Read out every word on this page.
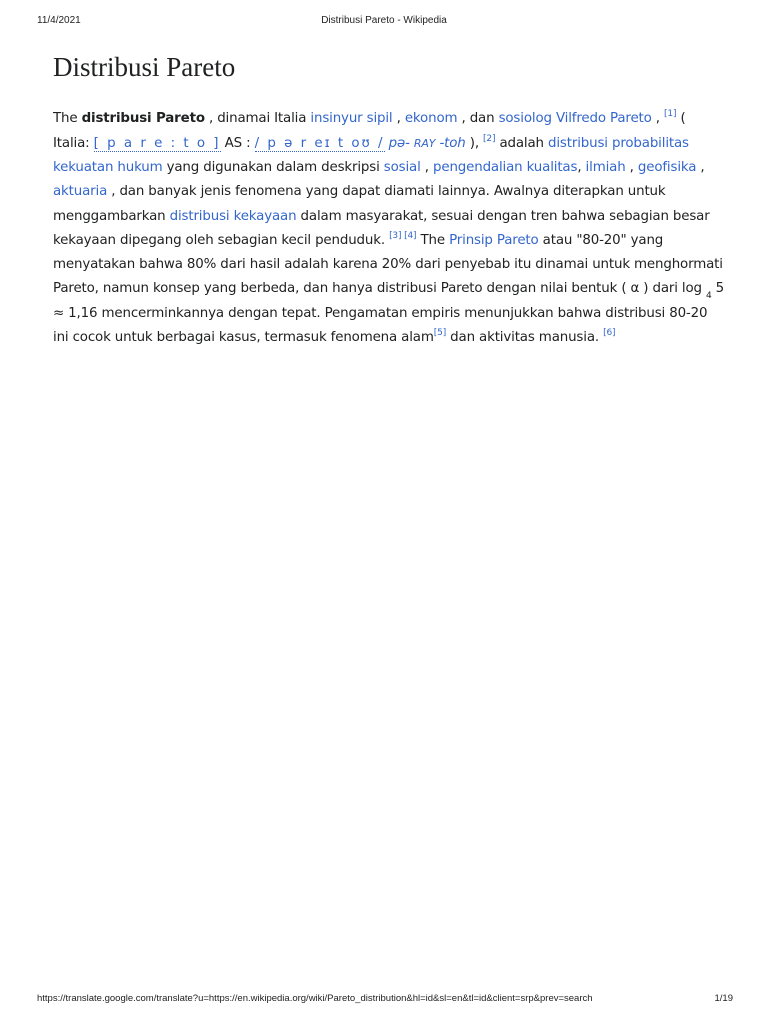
11/4/2021	Distribusi Pareto - Wikipedia
Distribusi Pareto

The distribusi Pareto , dinamai Italia insinyur sipil , ekonom , dan sosiolog Vilfredo Pareto , [1] ( Italia: [ p a r e : t o ] AS : / p ə r eɪ t oʊ / pə- RAY -toh ), [2] adalah distribusi probabilitas kekuatan hukum yang digunakan dalam deskripsi sosial , pengendalian kualitas, ilmiah , geofisika , aktuaria , dan banyak jenis fenomena yang dapat diamati lainnya. Awalnya diterapkan untuk menggambarkan distribusi kekayaan dalam masyarakat, sesuai dengan tren bahwa sebagian besar kekayaan dipegang oleh sebagian kecil penduduk. [3] [4] The Prinsip Pareto atau "80-20" yang menyatakan bahwa 80% dari hasil adalah karena 20% dari penyebab itu dinamai untuk menghormati Pareto, namun konsep yang berbeda, dan hanya distribusi Pareto dengan nilai bentuk ( α ) dari log $_4$ 5 ≈ 1,16 mencerminkannya dengan tepat. Pengamatan empiris menunjukkan bahwa distribusi 80-20 ini cocok untuk berbagai kasus, termasuk fenomena alam[5] dan aktivitas manusia. [6]

https://translate.google.com/translate?u=https://en.wikipedia.org/wiki/Pareto_distribution&hl=id&sl=en&tl=id&client=srp&prev=search	1/19
